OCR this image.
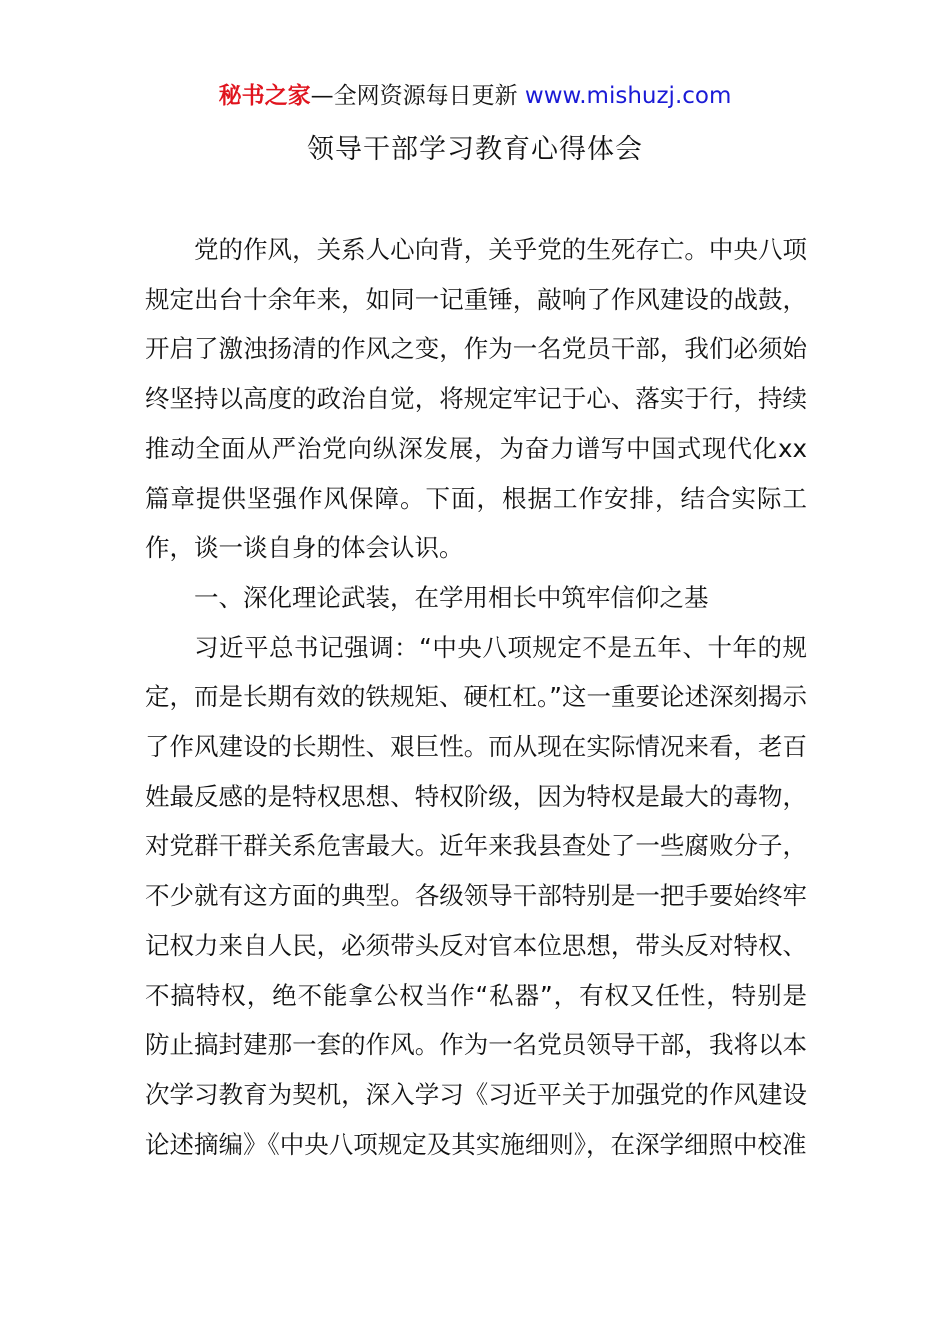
秘书之家—全网资源每日更新 www.mishuzj.com
领导干部学习教育心得体会

党的作风，关系人心向背，关乎党的生死存亡。中央八项规定出台十余年来，如同一记重锤，敲响了作风建设的战鼓，开启了激浊扬清的作风之变，作为一名党员干部，我们必须始终坚持以高度的政治自觉，将规定牢记于心、落实于行，持续推动全面从严治党向纵深发展，为奋力谱写中国式现代化xx篇章提供坚强作风保障。下面，根据工作安排，结合实际工作，谈一谈自身的体会认识。

一、深化理论武装，在学用相长中筑牢信仰之基

习近平总书记强调：“中央八项规定不是五年、十年的规定，而是长期有效的铁规矩、硬杠杠。”这一重要论述深刻揭示了作风建设的长期性、艰巨性。而从现在实际情况来看，老百姓最反感的是特权思想、特权阶级，因为特权是最大的毒物，对党群干群关系危害最大。近年来我县查处了一些腐败分子，不少就有这方面的典型。各级领导干部特别是一把手要始终牢记权力来自人民，必须带头反对官本位思想，带头反对特权、不搞特权，绝不能拿公权当作“私器”，有权又任性，特别是防止搞封建那一套的作风。作为一名党员领导干部，我将以本次学习教育为契机，深入学习《习近平关于加强党的作风建设论述摘编》《中央八项规定及其实施细则》，在深学细照中校准
